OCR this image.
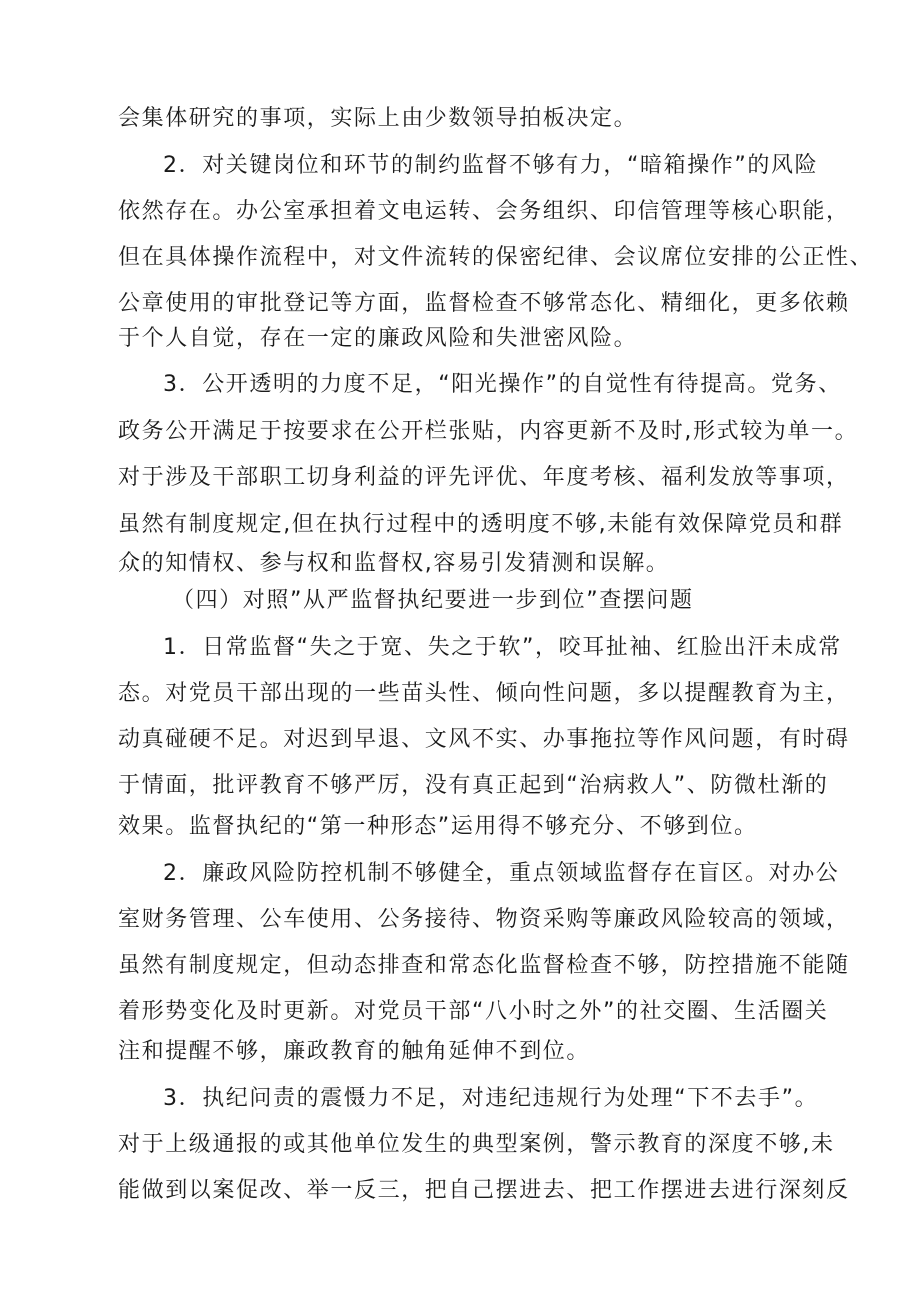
会集体研究的事项，实际上由少数领导拍板决定。
2．对关键岗位和环节的制约监督不够有力，“暗箱操作”的风险
依然存在。办公室承担着文电运转、会务组织、印信管理等核心职能，
但在具体操作流程中，对文件流转的保密纪律、会议席位安排的公正性、
公章使用的审批登记等方面，监督检查不够常态化、精细化，更多依赖
于个人自觉，存在一定的廉政风险和失泄密风险。
3．公开透明的力度不足，“阳光操作”的自觉性有待提高。党务、
政务公开满足于按要求在公开栏张贴，内容更新不及时,形式较为单一。
对于涉及干部职工切身利益的评先评优、年度考核、福利发放等事项，
虽然有制度规定,但在执行过程中的透明度不够,未能有效保障党员和群
众的知情权、参与权和监督权,容易引发猜测和误解。
（四）对照”从严监督执纪要进一步到位”查摆问题
1．日常监督“失之于宽、失之于软”，咬耳扯袖、红脸出汗未成常
态。对党员干部出现的一些苗头性、倾向性问题，多以提醒教育为主，
动真碰硬不足。对迟到早退、文风不实、办事拖拉等作风问题，有时碍
于情面，批评教育不够严厉，没有真正起到“治病救人”、防微杜渐的
效果。监督执纪的“第一种形态”运用得不够充分、不够到位。
2．廉政风险防控机制不够健全，重点领域监督存在盲区。对办公
室财务管理、公车使用、公务接待、物资采购等廉政风险较高的领域，
虽然有制度规定，但动态排查和常态化监督检查不够，防控措施不能随
着形势变化及时更新。对党员干部“八小时之外”的社交圈、生活圈关
注和提醒不够，廉政教育的触角延伸不到位。
3．执纪问责的震慑力不足，对违纪违规行为处理“下不去手”。
对于上级通报的或其他单位发生的典型案例，警示教育的深度不够,未
能做到以案促改、举一反三，把自己摆进去、把工作摆进去进行深刻反
